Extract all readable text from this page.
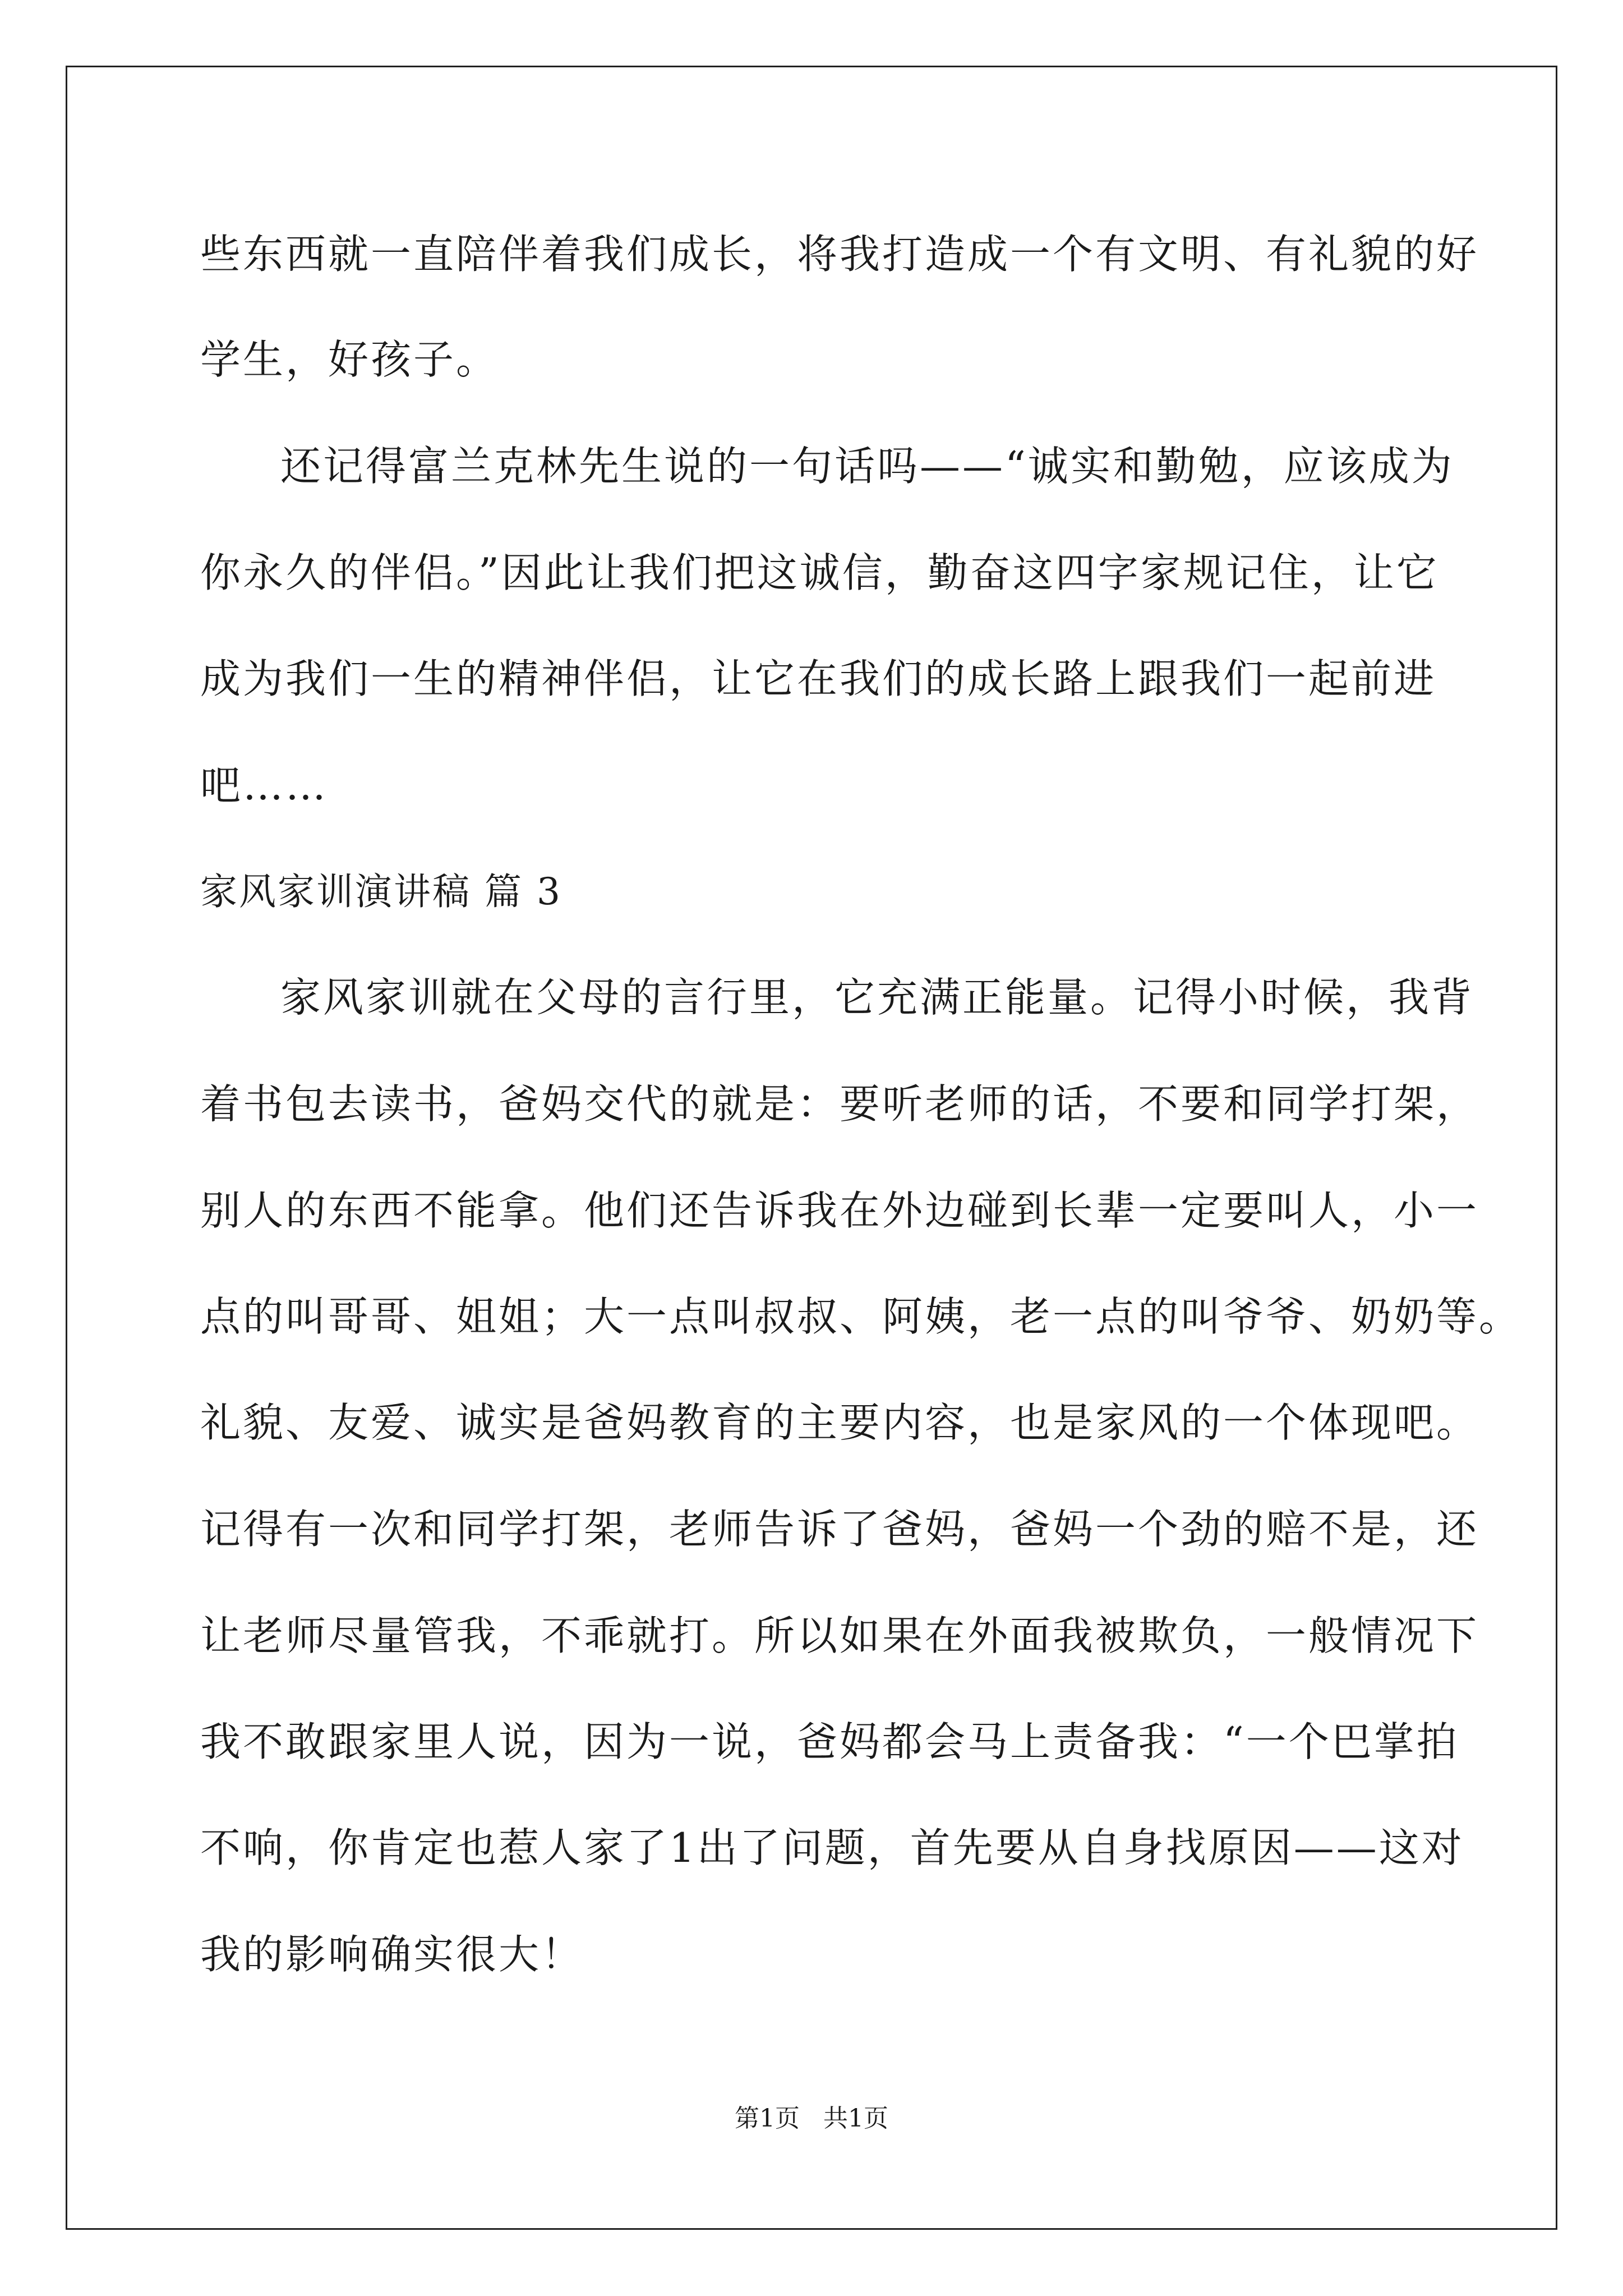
些东西就一直陪伴着我们成长，将我打造成一个有文明、有礼貌的好
学生，好孩子。
还记得富兰克林先生说的一句话吗——“诚实和勤勉，应该成为
你永久的伴侣。”因此让我们把这诚信，勤奋这四字家规记住，让它
成为我们一生的精神伴侣，让它在我们的成长路上跟我们一起前进
吧……
家风家训演讲稿 篇 3
家风家训就在父母的言行里，它充满正能量。记得小时候，我背
着书包去读书，爸妈交代的就是：要听老师的话，不要和同学打架，
别人的东西不能拿。他们还告诉我在外边碰到长辈一定要叫人，小一
点的叫哥哥、姐姐；大一点叫叔叔、阿姨，老一点的叫爷爷、奶奶等。
礼貌、友爱、诚实是爸妈教育的主要内容，也是家风的一个体现吧。
记得有一次和同学打架，老师告诉了爸妈，爸妈一个劲的赔不是，还
让老师尽量管我，不乖就打。所以如果在外面我被欺负，一般情况下
我不敢跟家里人说，因为一说，爸妈都会马上责备我：“一个巴掌拍
不响，你肯定也惹人家了1出了问题，首先要从自身找原因——这对
我的影响确实很大！
第1页   共1页
